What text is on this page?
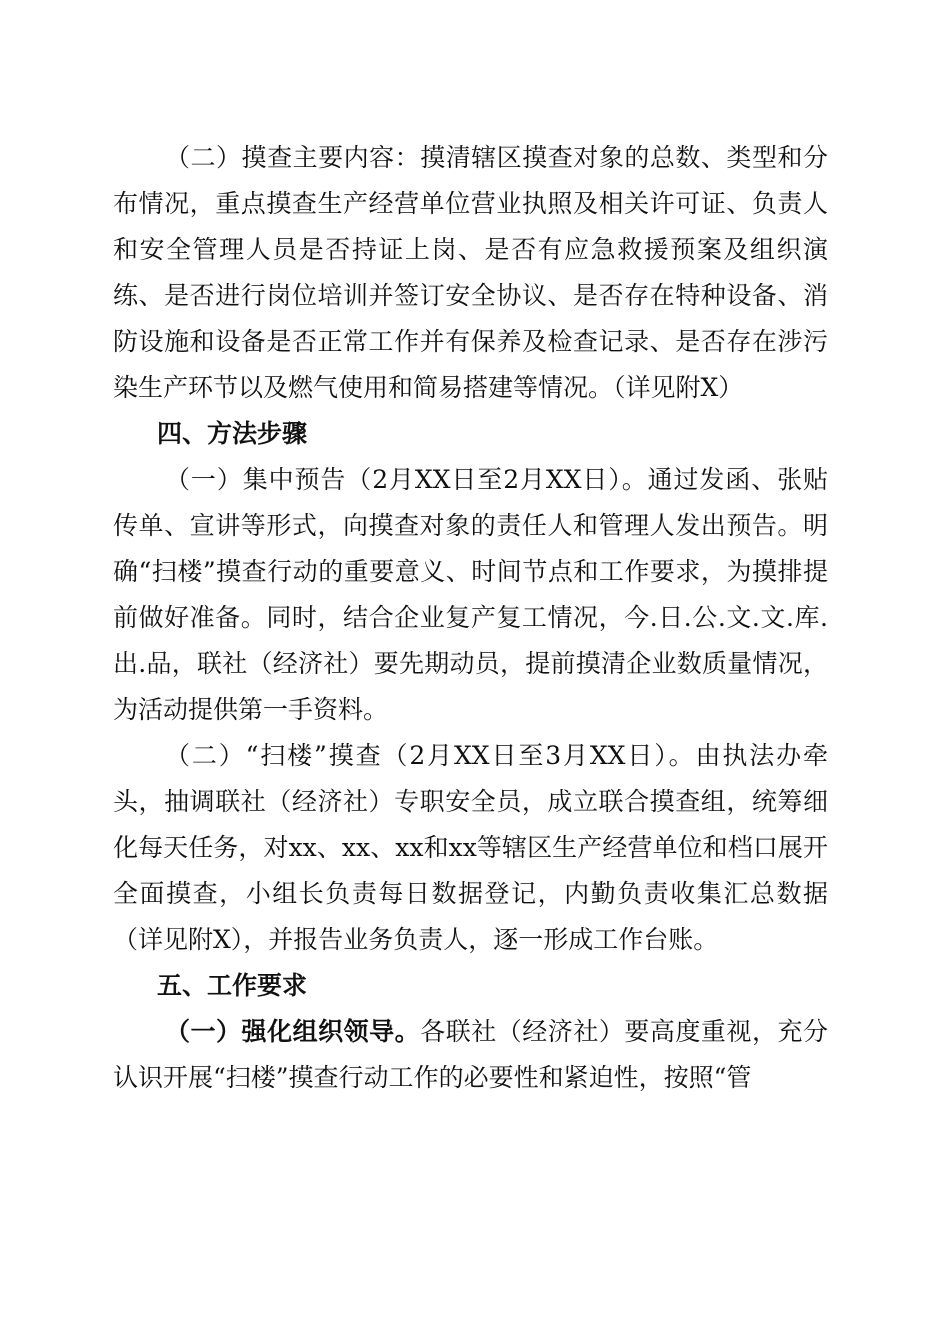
（二）摸查主要内容：摸清辖区摸查对象的总数、类型和分布情况，重点摸查生产经营单位营业执照及相关许可证、负责人和安全管理人员是否持证上岗、是否有应急救援预案及组织演练、是否进行岗位培训并签订安全协议、是否存在特种设备、消防设施和设备是否正常工作并有保养及检查记录、是否存在涉污染生产环节以及燃气使用和简易搭建等情况。（详见附X）

四、方法步骤

（一）集中预告（2月XX日至2月XX日）。通过发函、张贴传单、宣讲等形式，向摸查对象的责任人和管理人发出预告。明确“扫楼”摸查行动的重要意义、时间节点和工作要求，为摸排提前做好准备。同时，结合企业复产复工情况，今.日.公.文.文.库.出.品，联社（经济社）要先期动员，提前摸清企业数质量情况，为活动提供第一手资料。

（二）“扫楼”摸查（2月XX日至3月XX日）。由执法办牵头，抽调联社（经济社）专职安全员，成立联合摸查组，统筹细化每天任务，对xx、xx、xx和xx等辖区生产经营单位和档口展开全面摸查，小组长负责每日数据登记，内勤负责收集汇总数据（详见附X），并报告业务负责人，逐一形成工作台账。

五、工作要求

（一）强化组织领导。各联社（经济社）要高度重视，充分认识开展“扫楼”摸查行动工作的必要性和紧迫性，按照“管
